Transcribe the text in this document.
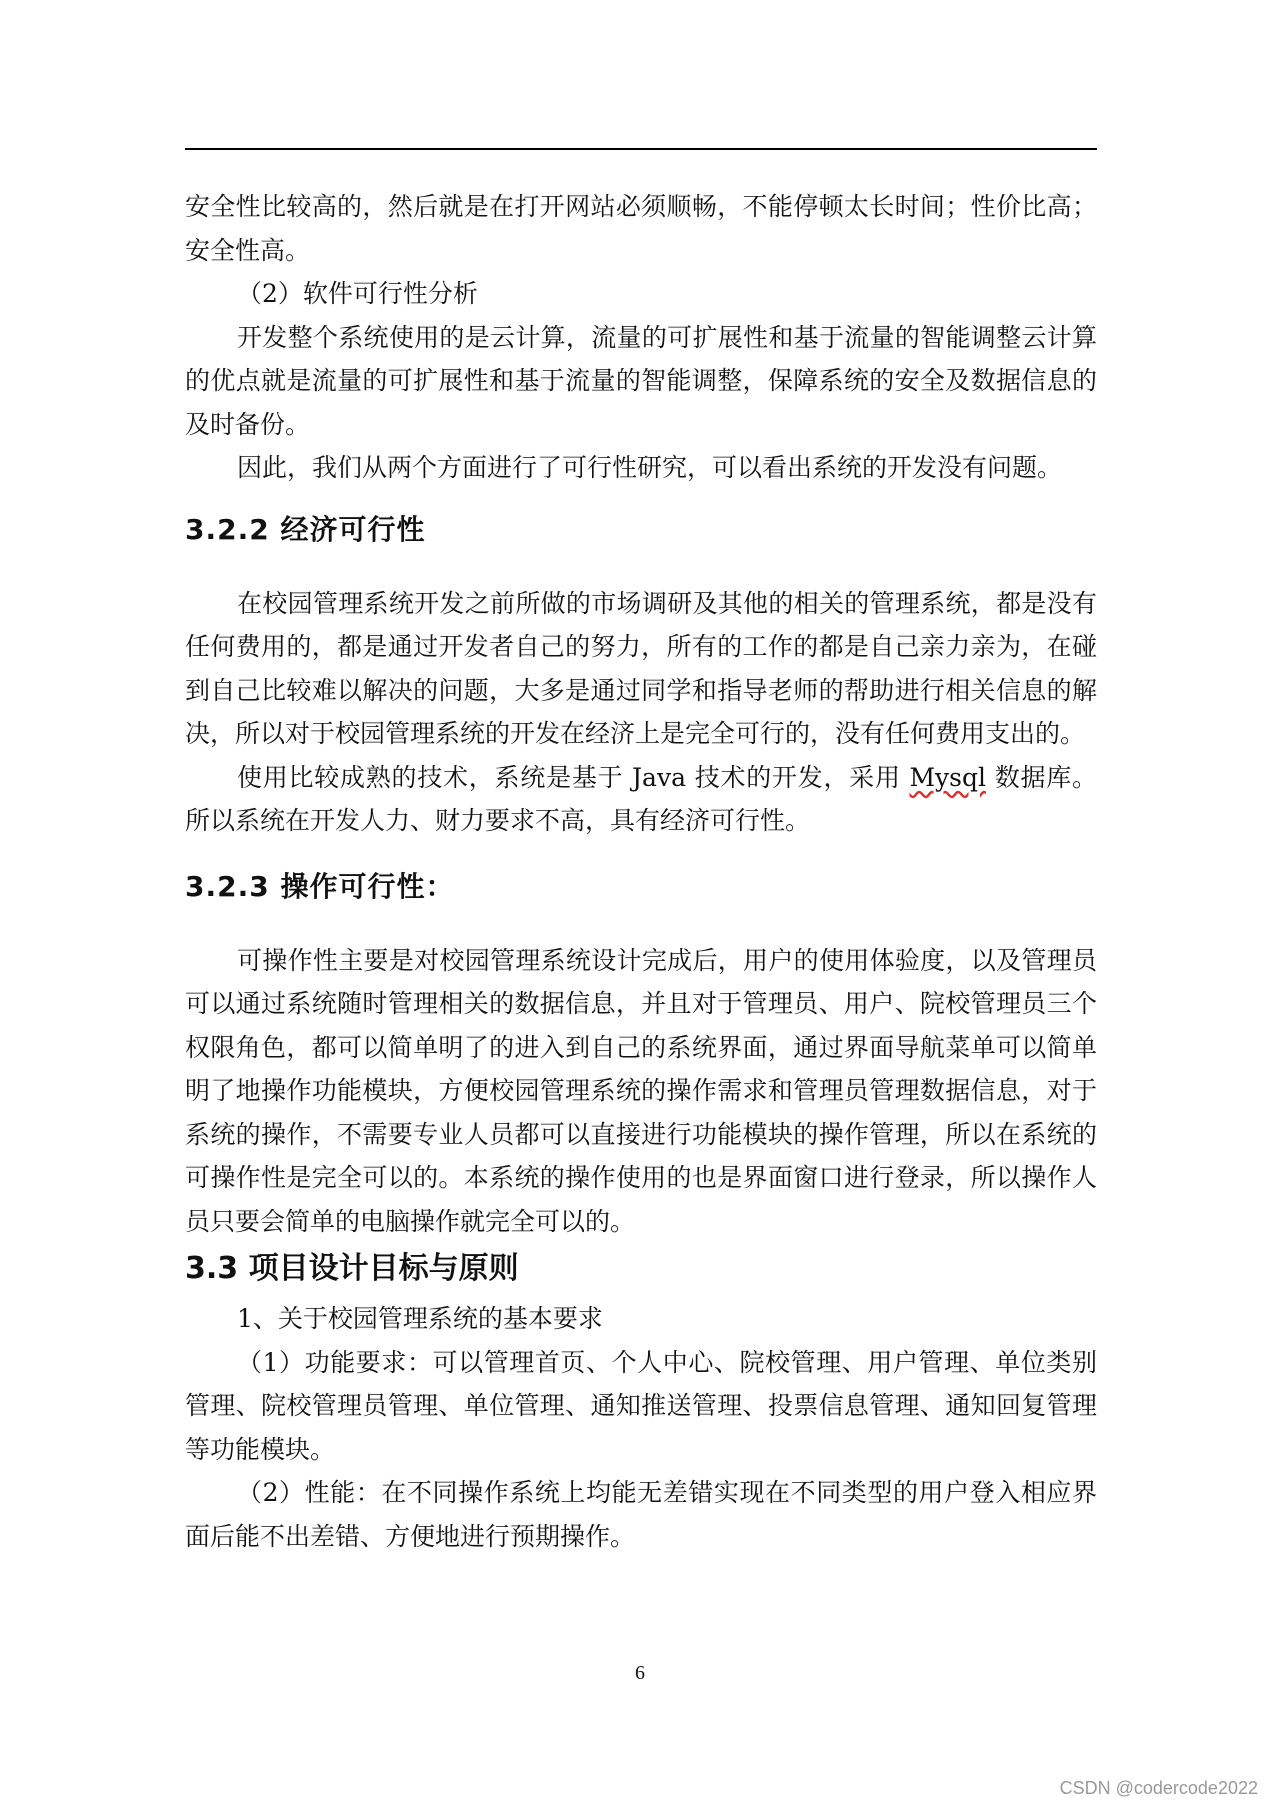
安全性比较高的，然后就是在打开网站必须顺畅，不能停顿太长时间；性价比高；安全性高。

（2）软件可行性分析

开发整个系统使用的是云计算，流量的可扩展性和基于流量的智能调整云计算的优点就是流量的可扩展性和基于流量的智能调整，保障系统的安全及数据信息的及时备份。

因此，我们从两个方面进行了可行性研究，可以看出系统的开发没有问题。

3.2.2 经济可行性

在校园管理系统开发之前所做的市场调研及其他的相关的管理系统，都是没有任何费用的，都是通过开发者自己的努力，所有的工作的都是自己亲力亲为，在碰到自己比较难以解决的问题，大多是通过同学和指导老师的帮助进行相关信息的解决，所以对于校园管理系统的开发在经济上是完全可行的，没有任何费用支出的。

使用比较成熟的技术，系统是基于 Java 技术的开发，采用 Mysql 数据库。所以系统在开发人力、财力要求不高，具有经济可行性。

3.2.3 操作可行性：

可操作性主要是对校园管理系统设计完成后，用户的使用体验度，以及管理员可以通过系统随时管理相关的数据信息，并且对于管理员、用户、院校管理员三个权限角色，都可以简单明了的进入到自己的系统界面，通过界面导航菜单可以简单明了地操作功能模块，方便校园管理系统的操作需求和管理员管理数据信息，对于系统的操作，不需要专业人员都可以直接进行功能模块的操作管理，所以在系统的可操作性是完全可以的。本系统的操作使用的也是界面窗口进行登录，所以操作人员只要会简单的电脑操作就完全可以的。

3.3 项目设计目标与原则

1、关于校园管理系统的基本要求

（1）功能要求：可以管理首页、个人中心、院校管理、用户管理、单位类别管理、院校管理员管理、单位管理、通知推送管理、投票信息管理、通知回复管理等功能模块。

（2）性能：在不同操作系统上均能无差错实现在不同类型的用户登入相应界面后能不出差错、方便地进行预期操作。

6
CSDN @codercode2022
